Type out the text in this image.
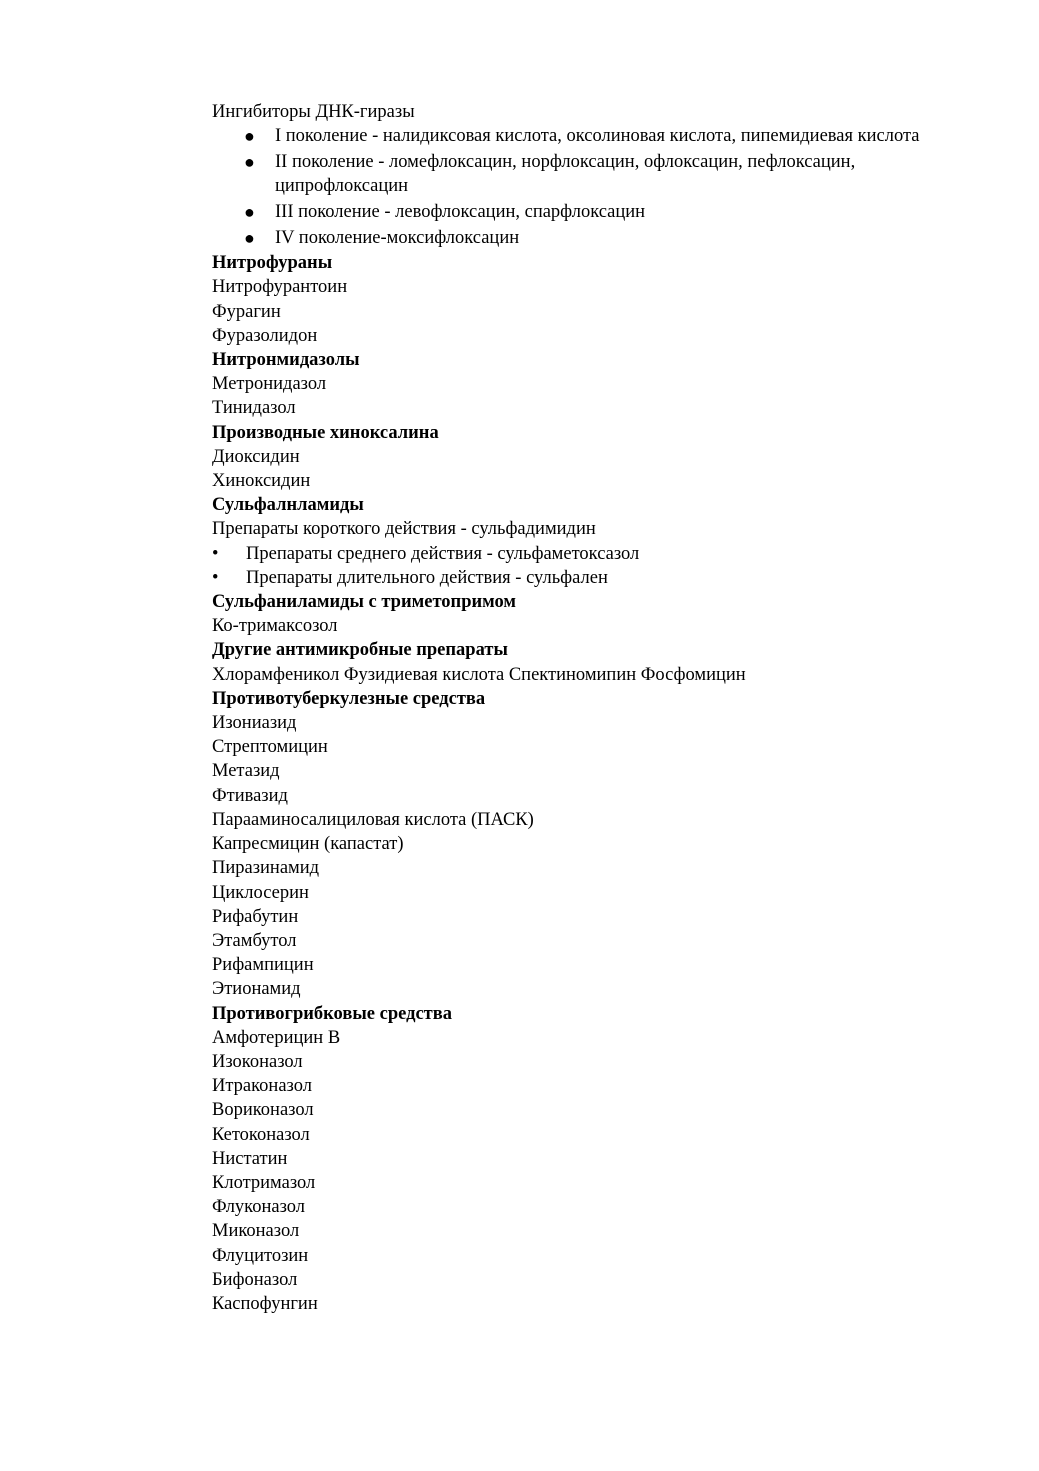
Ингибиторы ДНК-гиразы
● I поколение - налидиксовая кислота, оксолиновая кислота, пипемидиевая кислота
● II поколение - ломефлоксацин, норфлоксацин, офлоксацин, пефлоксацин, ципрофлоксацин
● III поколение - левофлоксацин, спарфлоксацин
● IV поколение-моксифлоксацин
Нитрофураны
Нитрофурантоин
Фурагин
Фуразолидон
Нитронмидазолы
Метронидазол
Тинидазол
Производные хиноксалина
Диоксидин
Хиноксидин
Сульфалнламиды
Препараты короткого действия - сульфадимидин
• Препараты среднего действия - сульфаметоксазол
• Препараты длительного действия - сульфален
Сульфаниламиды с триметопримом
Ко-тримаксозол
Другие антимикробные препараты
Хлорамфеникол Фузидиевая кислота Спектиномипин Фосфомицин
Противотуберкулезные средства
Изониазид
Стрептомицин
Метазид
Фтивазид
Парааминосалициловая кислота (ПАСК)
Капресмицин (капастат)
Пиразинамид
Циклосерин
Рифабутин
Этамбутол
Рифампицин
Этионамид
Противогрибковые средства
Амфотерицин В
Изоконазол
Итраконазол
Вориконазол
Кетоконазол
Нистатин
Клотримазол
Флуконазол
Миконазол
Флуцитозин
Бифоназол
Каспофунгин
